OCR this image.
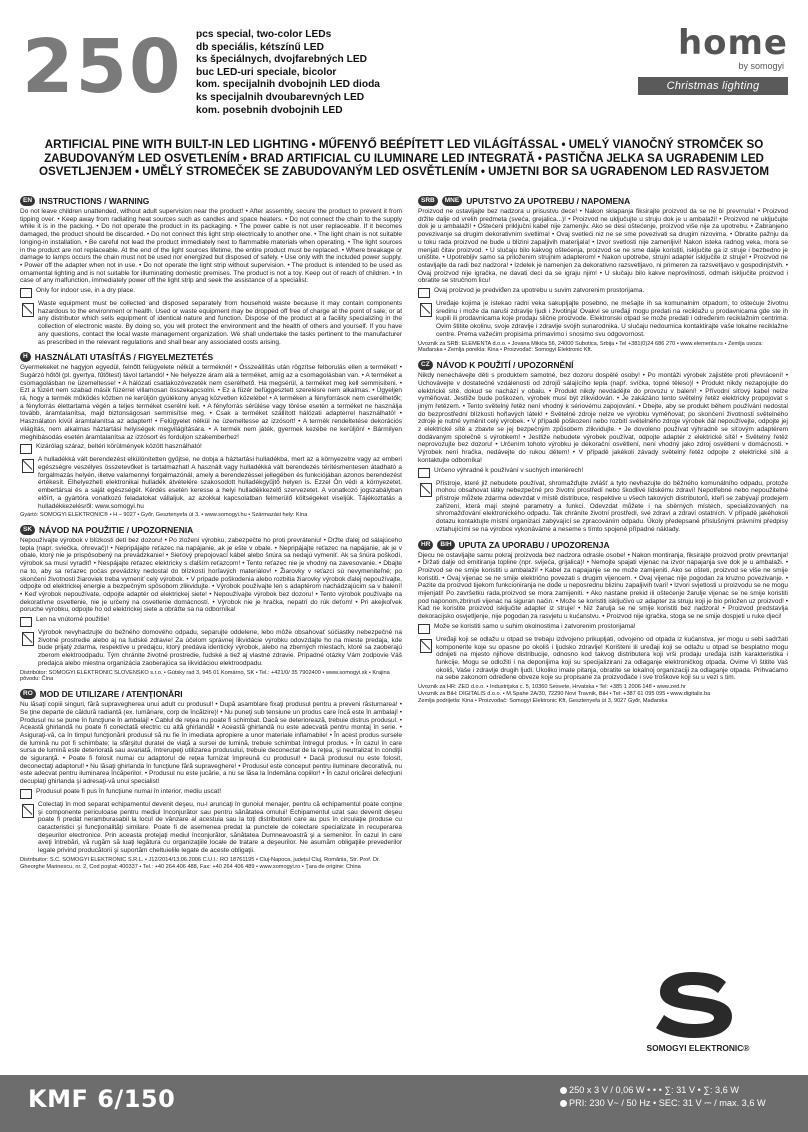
250 pcs special, two-color LEDs
db speciális, kétszínű LED
ks špeciálnych, dvojfarebných LED
buc LED-uri speciale, bicolor
kom. specijalnih dvobojnih LED dioda
ks specijalnih dvoubarevných LED
kom. posebnih dvobojnih LED
home
by somogyi
Christmas lighting
ARTIFICIAL PINE WITH BUILT-IN LED LIGHTING • MŰFENYŐ BEÉPÍTETT LED VILÁGÍTÁSSAL • UMELÝ VIANOČNÝ STROMČEK SO ZABUDOVANÝM LED OSVETLENÍM • BRAD ARTIFICIAL CU ILUMINARE LED INTEGRATĂ • PASTIČNA JELKA SA UGRAĐENIM LED OSVETLJENJEM • UMĚLÝ STROMEČEK SE ZABUDOVANÝM LED OSVĚTLENÍM • UMJETNI BOR SA UGRAĐENOM LED RASVJETOM
EN INSTRUCTIONS / WARNING
Do not leave children unattended, without adult supervision near the product! • After assembly, secure the product to prevent it from tipping over. • Keep away from radiating heat sources such as candles and space heaters. • Do not connect the chain to the supply while it is in the packing. • Do not operate the product in its packaging. • The power cable is not user replaceable. If it becomes damaged, the product should be discarded. • Do not connect this light strip electrically to another one. • The light chain is not suitable longing-in installation. • Be careful not lead the product immediately next to flammable materials when operating. • The light sources in the product are not replaceable. At the end of the light sources lifetime, the entire product must be replaced. • Where breakage or damage to lamps occurs the chain must not be used nor energized but disposed of safely. • Use only with the included power supply. • Power off the adapter when not in use. • Do not operate the light strip without supervision. • The product is intended to be used as ornamental lighting and is not suitable for illuminating domestic premises. The product is not a toy. Keep out of reach of children. • In case of any malfunction, immediately power off the light strip and seek the assistance of a specialist.
Only for indoor use, in a dry place.
Waste equipment must be collected and disposed separately from household waste because it may contain components hazardous to the environment or health. Used or waste equipment may be dropped off free of charge at the point of sale, or at any distributor which sells equipment of identical nature and function. Dispose of the product at a facility specializing in the collection of electronic waste. By doing so, you will protect the environment and the health of others and yourself. If you have any questions, contact the local waste management organization. We shall undertake the tasks pertinent to the manufacturer as prescribed in the relevant regulations and shall bear any associated costs arising.
H HASZNÁLATI UTASÍTÁS / FIGYELMEZTETÉS
Gyermekeket ne hagyjon egyedül, felnőtt felügyelete nélkül a terméknél! • Összeállítás után rögzítse felborulás ellen a terméket! • Sugárzó hőtől (pl. gyertya, fűtőtest) távol tartandó! • Ne helyezze áram alá a terméket, amíg az a csomagolásban van. • A terméket a csomagolásban ne üzemeltesse! • A hálózati csatlakozóvezeték nem cserélhető. Ha megsérül, a terméket meg kell semmisíteni. • Ezt a füzért nem szabad másik füzérrel villamosan összekapcsolni. • Ez a füzér befüggesztett szerelésre nem alkalmas. • Ügyeljen rá, hogy a termék működés közben ne kerüljön gyúlékony anyag közvetlen közelébe! • A terméken a fényforrások nem cserélhetők; a fényforrás élettartama végén a teljes terméket cserélni kell. • A fényforrás sérülése vagy törése esetén a terméket ne használja tovább, áramtalanítsa, majd biztonságosan semmisítse meg. • Csak a terméket szállított hálózati adapterrel használható! • Használaton kívül áramtalanítsa az adaptert! • Felügyelet nélkül ne üzemeltesse az izzósort! • A termék rendeltetése dekorációs világítás, nem alkalmas háztartási helyiségek megvilágítására. • A termék nem játék, gyermek kezébe ne kerüljön! • Bármilyen meghibásodás esetén áramtalanítsa az izzósort és forduljon szakemberhez!
Kizárólag száraz, beltéri körülmények között használható!
A hulladékká vált berendezést elkülönítetten gyűjtse, ne dobja a háztartási hulladékba, mert az a környezetre vagy az emberi egészségre veszélyes összetevőket is tartalmazhat! A használt vagy hulladékká vált berendezés térítésmentesen átadható a forgalmazás helyén, illetve valamennyi forgalmazónál, amely a berendezéssel jellegében és funkciójában azonos berendezést értékesít. Elhelyezheti elektronikai hulladék átvételére szakosodott hulladékgyűjtő helyen is. Ezzel Ön védi a környezetet, embertársai és a saját egészségét. Kérdés esetén keresse a helyi hulladékkezelő szervezetet. A vonatkozó jogszabályban előírt, a gyártóra vonatkozó feladatokat vállaljuk, az azokkal kapcsolatban felmerülő költségeket viseljük. Tájékoztatás a hulladékkezelésről: www.somogyi.hu
Gyártó: SOMOGYI ELEKTRONIC® • H – 9027 • Győr, Gesztenyefa út 3. • www.somogyi.hu • Származási hely: Kína
SK NÁVOD NA POUŽITIE / UPOZORNENIA
Nepoužívajte výrobok v blízkosti detí bez dozoru! • Po zložení výrobku, zabezpečte ho proti prevráteniu! • Držte ďalej od sálajúceho tepla (napr. sviečka, ohrevač)! • Nepripájajte reťazec na napájanie, ak je ešte v obale. • Nepripájajte reťazec na napájanie, ak je v obale, ktorý nie je prispôsobený na prevádzkanie! • Sieťový prepojovací kábel alebo šnúra sa nedajú vymeniť. Ak sa šnúra poškodí, výrobok sa musí vyradiť! • Nespájajte reťazec elektricky s ďalším reťazcom! • Tento reťazec nie je vhodný na zavesovanie. • Dbajte na to, aby sa reťazec počas prevádzky nedostal do blízkosti horľavých materiálov! • Žiarovky v reťazci sú nevymeniteľné; po skončení životnosti žiaroviek treba vymeniť celý výrobok. • V prípade poškodenia alebo rozbitia žiarovky výrobok ďalej nepoužívajte, odpojte od elektrickej energie a bezpečným spôsobom zlikvidujte. • Výrobok používajte len s adaptérom nachádzajúcim sa v balení! • Keď výrobok nepoužívate, odpojte adaptér od elektrickej siete! • Nepoužívajte výrobok bez dozoru! • Tento výrobok používajte na dekoratívne osvetlenie, nie je určený na osvetlenie domácností. • Výrobok nie je hračka, nepatrí do rúk deťom! • Pri akejkoľvek poruche výrobku, odpojte ho od elektrickej siete a obráťte sa na odborníka!
Len na vnútorné použitie!
Výrobok nevyhadzujte do bežného domového odpadu, separujte oddelene, lebo môže obsahovať súčiastky nebezpečné na životné prostredie alebo aj na ľudské zdravie! Za účelom správnej likvidácie výrobku odovzdajte ho na mieste predaja, kde bude prijatý zdarma, respektíve u predajcu, ktorý predáva identický výrobok, alebo na zberných miestach, ktoré sa zaoberajú zberom elektroodpadu. Tým chránite životné prostredie, ľudské a tiež aj vlastné zdravie. Prípadné otázky Vám zodpovie Váš predajca alebo miestna organizácia zaoberajúca sa likvidáciou elektroodpadu.
Distribútor: SOMOGYI ELEKTRONIC SLOVENSKO s.r.o. • Gútsky rad 3, 945 01 Komárno, SK • Tel.: +421/0/ 35 7902400 • www.somogyi.sk • Krajina pôvodu: Čína
RO MOD DE UTILIZARE / ATENŢIONĂRI
Nu lăsaţi copiii singuri, fără supravegherea unui adult cu produsul! • După asamblare fixaţi produsul pentru a preveni răsturnarea! • Se ţine departe de căldură radiantă (ex. lumânare, corp de încălzire)! • Nu puneţi sub tensiune un produs care încă este în ambalaj! • Produsul nu se pune în funcţiune în ambalaj! • Cablul de reţea nu poate fi schimbat. Dacă se deteriorează, trebuie distrus produsul. • Această ghirlandă nu poate fi conectată electric cu altă ghirlandă! • Această ghirlandă nu este adecvată pentru montaj în serie. • Asiguraţi-vă, ca în timpul funcţionării produsul să nu fie în imediata apropiere a unor materiale inflamabile! • În acest produs sursele de lumină nu pot fi schimbate; la sfârşitul duratei de viaţă a sursei de lumină, trebuie schimbat întregul produs. • În cazul în care sursa de lumină este deteriorată sau avariată, întrerupeţi utilizarea produsului, trebuie deconectat de la reţea, şi neutralizat în condiţii de siguranţă. • Poate fi folosit numai cu adaptorul de reţea furnizat împreună cu produsul! • Dacă produsul nu este folosit, deconectaţi adaptorul! • Nu lăsaţi ghirlanda în funcţiune fără supraveghere! • Produsul este conceput pentru iluminare decorativă, nu este adecvat pentru iluminarea încăperilor. • Produsul nu este jucărie, a nu se lăsa la îndemâna copiilor! • În cazul oricărei defecţiuni decuplaţi ghirlanda şi adresaţi-vă unui specialist!
Produsul poate fi pus în funcţiune numai în interior, mediu uscat!
Colectaţi în mod separat echipamentul devenit deşeu, nu-l aruncaţi în gunoiul menajer, pentru că echipamentul poate conţine şi componente periculoase pentru mediul înconjurător sau pentru sănătatea omului! Echipamentul uzat sau devenit deşeu poate fi predat neramburasabil la locul de vânzare al acestuia sau la toţi distribuitorii care au pus în circulaţie produse cu caracteristici şi funcţionalităţi similare. Poate fi de asemenea predat la punctele de colectare specializate în recuperarea deşeurilor electronice. Prin aceasta protejaţi mediul înconjurător, sănătatea Dumneavoastră şi a semenilor. În cazul în care aveţi întrebări, vă rugăm să luaţi legătura cu organizaţiile locale de tratare a deşeurilor. Ne asumăm obligaţiile prevederilor legale privind producătorii şi suportăm cheltuielile legate de aceste obligaţii.
Distribuitor: S.C. SOMOGYI ELEKTRONIC S.R.L. • J12/2014/13.06.2006 C.U.I.: RO 18761195 • Cluj-Napoca, judeţul Cluj, România, Str. Prof. Dr. Gheorghe Marinescu, nr. 2, Cod poştal: 400337 • Tel.: +40 264 406 488, Fax: +40 264 406 489 • www.somogyi.ro • Ţara de origine: China
SRB	MNE UPUTSTVO ZA UPOTREBU / NAPOMENA
Proizvod ne ostavljajte bez nadzora u prisustvu dece! • Nakon sklapanja fiksirajte proizvod da se ne bi prevrnula! • Proizvod držite dalje od vrelih predmeta (sveća, grejalica...)! • Proizvod ne uključujte u struju dok je u ambalaži! • Proizvod ne uključujte dok je u ambalaži! • Oštećeni priključni kabel nije zamenjiv. Ako se desi oštećenje, proizvod više nije za upotrebu. • Zabranjeno povezivanje sa drugim dekorativnim svetlima! • Ovaj svetleći niz ne se sme povezivati sa drugim nizovima. • Obratite pažnju da u toku rada proizvod ne bude u blizini zapaljivih materijala! • Izvor svetlosti nije zamenljivi! Nakon isteka radnog veka, mora se menjati čitav proizvod. • U slučaju bilo kakvog oštećenja, proizvod se ne sme dalje koristiti, isključite ga iz struje i bezbedno je uništite. • Upotrebljiv samo sa priloženim strujnim adapterom! • Nakon upotrebe, strujni adapter isključite iz struje! • Proizvod ne ostavljajte da radi bez nadzora! • Izdelek je namenjen za dekorativno razsvetljavo, ni primeren za razsvetljavo v gospodinjstvih. • Ovaj proizvod nije igračka, ne davati deci da se igraju njim! • U slučaju bilo kakve neprovilnosti, odmah isključite proizvod i obratite se stručnom licu!
Ovaj proizvod je predviđen za upotrebu u suvim zatvorenim prostorijama.
Uređaje kojima je istekao radni veka sakupljajte posebno, ne mešajte ih sa komunalnim otpadom, to oštećuje životnu sredinu i može da naruši zdravlje ljudi i životinja! Ovakvi se uređaji mogu predati na reciklažu u prodavnicama gde ste ih kupili ili prodavnicama koje prodaju slične proizvode. Elektronski otpad se može predati i određenim reciklažnim centrima. Ovim štitite okolinu, svoje zdravlje i zdravlje svojih sunarodnika. U slučaju nedoumica kontaktirajte vaše lokalne reciklažne centre. Prema važećim propisima primavimo i snosimo svu odgovornost.
Uvoznik za SRB: ELEMENTA d.o.o. • Jovana Mikića 56, 24000 Subotica, Srbija • Tel +381(0)24 686 270 • www.elementa.rs • Zemlja uvoza: Mađarska • Zemlja porekla: Kina • Proizvođač: Somogyi Elektronic Kft.
CZ NÁVOD K POUŽITÍ / UPOZORNĚNÍ
Nikdy nenechávejte děti s produktem samotné, bez dozoru dospělé osoby! • Po montáži výrobek zajistěte proti převrácení! • Uchovávejte v dostatečné vzdálenosti od zdrojů sálajícího tepla (např. svíčka, topné těleso)! • Produkt nikdy nezapojujte do elektrické sítě, dokud se nachází v obalu. • Produkt nikdy nevdádějte do provozu v balení! • Přívodní síťový kabel nelze vyměňovat. Jestliže bude poškozen, výrobek musí být zlikvidován. • Je zakázáno tento světelný řetěz elektricky propojovat s jiným řetězem. • Tento světelný řetěz není vhodný k sériovému zapojování. • Dbejte, aby se produkt během používání nedostal do bezprostřední blízkosti hořlavých látek! • Světelné zdroje nelze ve výrobku vyměňovat; po skončení životnosti světelného zdroje je nutné vyměnit celý výrobek. • V případě poškození nebo rozbití světelného zdroje výrobek dál nepoužívejte, odpojte jej z elektrické sítě a zbavte se jej bezpečným způsobem zlikvidujte. • Je dovoleno používat výhradně se síťovým adaptérem dodávaným společně s výrobkem! • Jestliže nebudete výrobek používat, odpojte adaptér z elektrické sítě! • Světelný řetěz neprovozujte bez dozoru! • Určením tohoto výrobku je dekorační osvětlení, není vhodný jako zdroj osvětlení v domácnosti. • Výrobek není hračka, nedávejte do rukou dětem! • V případě jakékoli závady světelný řetěz odpojte z elektrické sítě a kontaktujte odborníka!
Určeno výhradně k používání v suchých interiérech!
Přístroje, které již nebudete používat, shromažďujte zvlášť a tyto nevhazujte do běžného komunálního odpadu, protože mohou obsahovat látky nebezpečné pro životní prostředí nebo škodlivé lidskému zdraví! Nepotřebné nebo nepoužitelné přístroje můžete zdarma odevzdat v místě distribuce, respektive u všech takových distributorů, kteří se zabývají prodejem zařízení, která mají stejné parametry a funkci. Odevzdat můžete i na sběrných místech, specializovaných na shromažďování elektronického odpadu. Tak chráníte životní prostředí, své zdraví a zdraví ostatních. V případě jakéhokoli dotazu kontaktujte místní organizaci zabývající se zpracováním odpadu. Úkoly předepsané příslušnými právními předpisy vztahujícími se na výrobce vykonáváme a neseme s tímto spojené případné náklady.
HR	BIH UPUTA ZA UPORABU / UPOZORENJA
Djecu ne ostavljajte samu pokraj proizvoda bez nadzora odrasle osobe! • Nakon montiranja, fiksirajte proizvod protiv prevrtanja! • Držati dalje od emitiranja topline (npr. svijeća, grijalica)! • Nemojte spajati vijenac na izvor napajanja sve dok je u ambalaži. • Proizvod se ne smije koristiti u ambalaži! • Kabel za napajanje se ne može zamijeniti. Ako se ošteti, proizvod se više ne smije koristiti. • Ovaj vijenac se ne smije električno povezati s drugim vijencem. • Ovaj vijenac nije pogodan za kruzno povezivanje. • Pazite da proizvod tijekom funkcioniranja ne dođe u neposrednu blizinu zapaljivih tvari! • Izvori svjetlosti u proizvodu se ne mogu mijenjati! Po završetku rada,proizvod se mora zamijeniti. • Ako nastane prekid ili oštećenje žarulje vijenac se ne smije koristiti pod naponom,zbrinuti vijenac na siguran način. • Može se koristiti isključivo uz adapter za struju koji je bio priložen uz proizvod! • Kad ne koristite proizvod isključite adapter iz struje! • Niz žarulja se ne smije koristiti bez nadzora! • Proizvod predstavlja dekoracijsko osvjetljenje, nije pogodan za rasvjetu u kućanstvu. • Proizvod nije igračka, stoga se ne smije dospjeti u ruke djeci!
Može se koristiti samo u suhim okolnostima i zatvorenim prostorijama!
Uređaji koji se odlažu u otpad se trebaju izdvojeno prikupljati, odvojeno od otpada iz kućanstva, jer mogu u sebi sadržati komponente koje su opasne po okoliš i ljudsko zdravlje! Korišteni ili uređaji koji se odlažu u otpad se besplatno mogu odnijeti na mjesto njihove distribucije, odnosno kod takvog distributera koji vrši prodaju uređaja istih karakteristika i funkcije. Mogu se odložiti i na deponijima koji su specijalizirani za odlaganje elektroničkog otpada. Ovime Vi štitite Vaš okoliš, Vaše i zdravlje drugih ljudi. Ukoliko imate pitanja, obratite se lokalnoj organizaciji za odlaganje otpada. Prihvaćamo na sebe zakonom određene obveze koje su propisane za proizvođače i sve troškove koji su u vezi s tim.
Uvoznik za HR: ZED d.o.o. • Industrijska c. 5, 10360 Sesvete, Hrvatska • Tel: +385 1 2006 148 • www.zed.hr
Uvoznik za BiH: DIGITALIS d.o.o. • M.Spahe 2A/30, 72290 Novi Travnik, BiH • Tel: +387 61 095 095 • www.digitalis.ba
Zemlja podrijetla: Kina • Proizvođač: Somogyi Elektronic Kft, Gesztenyefa út 3, 9027 Győr, Mađarska
SOMOGYI ELEKTRONIC®
KMF 6/150	250 x 3 V / 0,06 W • • • ∑: 31 V • ∑: 3,6 W
PRI: 230 V~ / 50 Hz • SEC: 31 V ⎓ / max. 3,6 W
